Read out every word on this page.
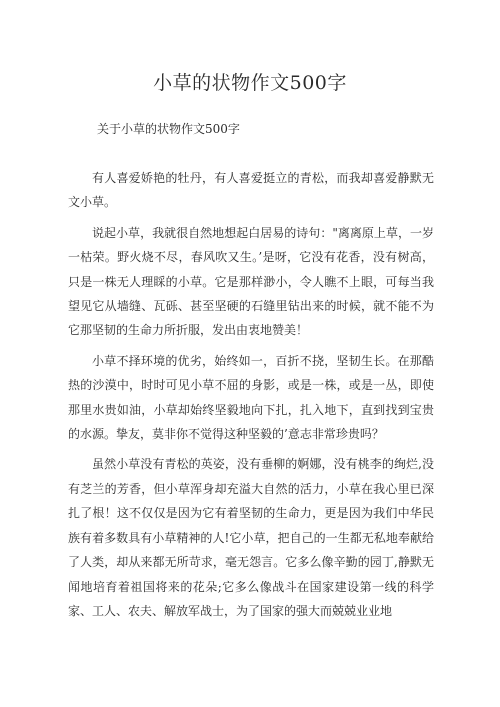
小草的状物作文500字
关于小草的状物作文500字

有人喜爱娇艳的牡丹，有人喜爱挺立的青松，而我却喜爱静默无文小草。

说起小草，我就很自然地想起白居易的诗句："离离原上草，一岁一枯荣。野火烧不尽，春风吹又生。’是呀，它没有花香，没有树高，只是一株无人理睬的小草。它是那样渺小，令人瞧不上眼，可每当我望见它从墙缝、瓦砾、甚至坚硬的石缝里钻出来的时候，就不能不为它那坚韧的生命力所折服，发出由衷地赞美！

小草不择环境的优劣，始终如一，百折不挠，坚韧生长。在那酷热的沙漠中，时时可见小草不屈的身影，或是一株，或是一丛，即使那里水贵如油，小草却始终坚毅地向下扎，扎入地下，直到找到宝贵的水源。挚友，莫非你不觉得这种坚毅的’意志非常珍贵吗？

虽然小草没有青松的英姿，没有垂柳的婀娜，没有桃李的绚烂,没有芝兰的芳香，但小草浑身却充溢大自然的活力，小草在我心里已深扎了根！这不仅仅是因为它有着坚韧的生命力，更是因为我们中华民族有着多数具有小草精神的人!它小草，把自己的一生都无私地奉献给了人类，却从来都无所苛求，毫无怨言。它多么像辛勤的园丁,静默无闻地培育着祖国将来的花朵;它多么像战斗在国家建设第一线的科学家、工人、农夫、解放军战士，为了国家的强大而兢兢业业地
